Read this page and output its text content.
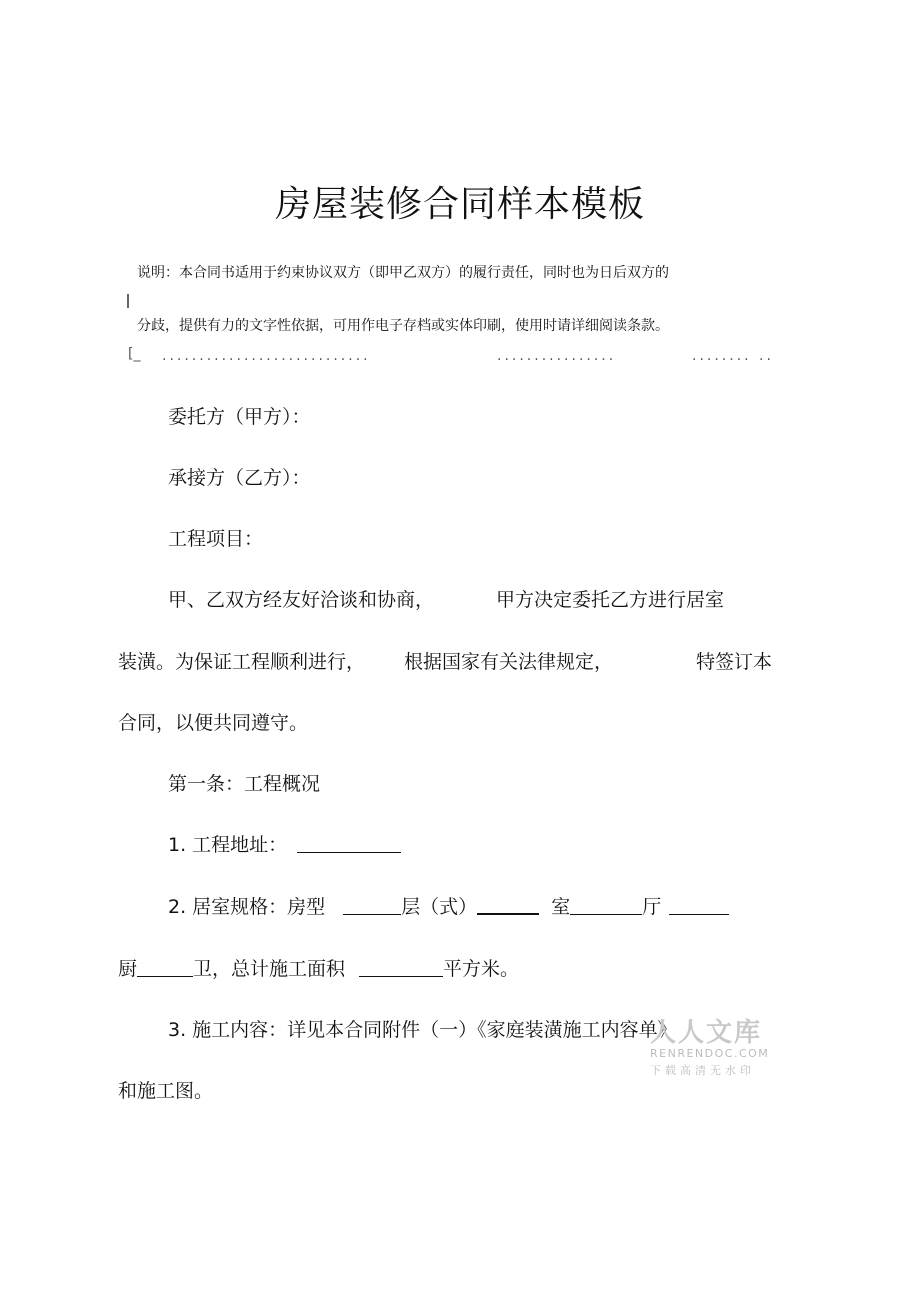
房屋装修合同样本模板
说明：本合同书适用于约束协议双方（即甲乙双方）的履行责任，同时也为日后双方的
分歧，提供有力的文字性依据，可用作电子存档或实体印刷，使用时请详细阅读条款。
[_ ............................	................	........ ..
委托方（甲方）：
承接方（乙方）：
工程项目：
甲、乙双方经友好洽谈和协商，	甲方决定委托乙方进行居室
装潢。为保证工程顺利进行， 根据国家有关法律规定，	特签订本
合同，以便共同遵守。
第一条：工程概况
1. 工程地址：
2. 居室规格：房型	层（式）	室	厅
厨	卫，总计施工面积	平方米。
3. 施工内容：详见本合同附件（一）《家庭装潢施工内容单》
和施工图。
人人文库
RENRENDOC.COM
下载高清无水印
